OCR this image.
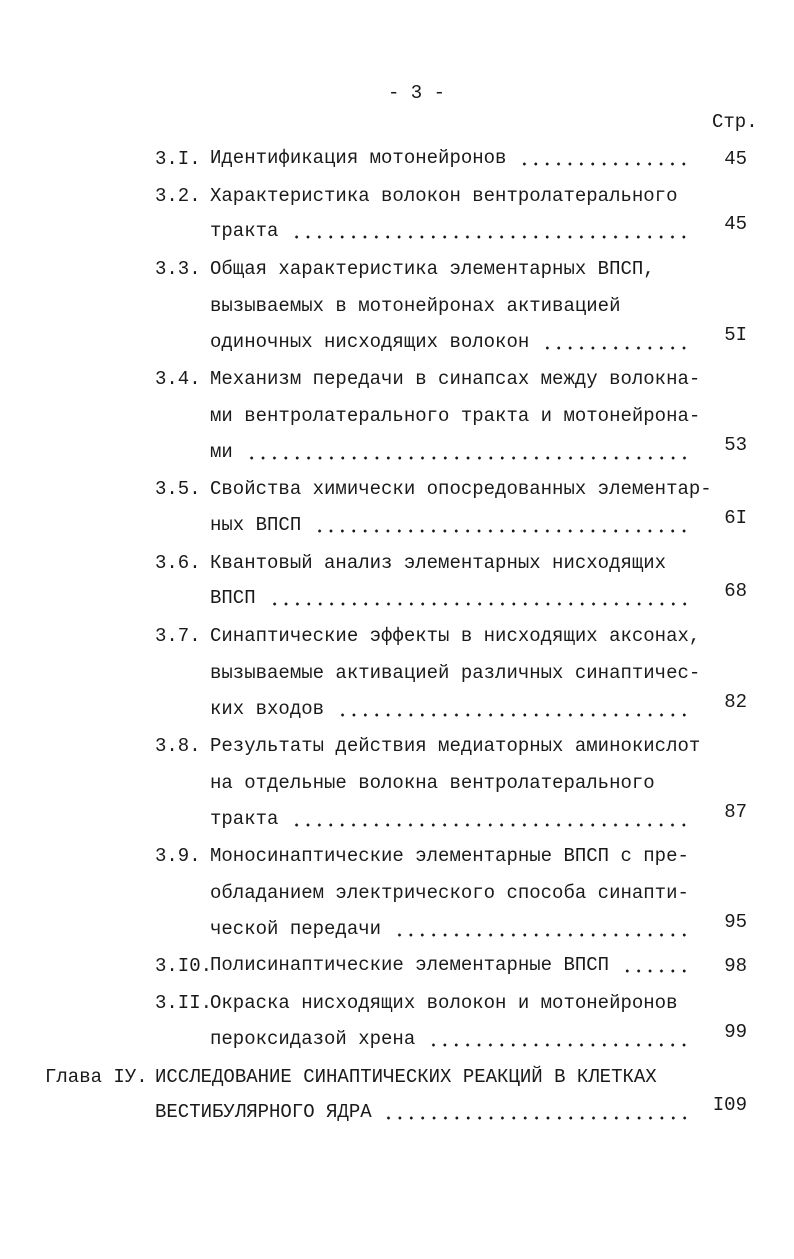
- 3 -
Стр.
3.I. Идентификация мотонейронов	45
3.2. Характеристика волокон вентролатерального
тракта	45
3.3. Общая характеристика элементарных ВПСП,
вызываемых в мотонейронах активацией
одиночных нисходящих волокон	5I
3.4. Механизм передачи в синапсах между волокна-
ми вентролатерального тракта и мотонейрона-
ми	53
3.5. Свойства химически опосредованных элементар-
ных ВПСП	6I
3.6. Квантовый анализ элементарных нисходящих
ВПСП	68
3.7. Синаптические эффекты в нисходящих аксонах,
вызываемые активацией различных синаптичес-
ких входов	82
3.8. Результаты действия медиаторных аминокислот
на отдельные волокна вентролатерального
тракта	87
3.9. Моносинаптические элементарные ВПСП с пре-
обладанием электрического способа синапти-
ческой передачи	95
3.I0.
Полисинаптические элементарные ВПСП	98
3.II.
Окраска нисходящих волокон и мотонейронов
пероксидазой хрена	99
Глава IУ. ИССЛЕДОВАНИЕ СИНАПТИЧЕСКИХ РЕАКЦИЙ В КЛЕТКАХ
ВЕСТИБУЛЯРНОГО ЯДРА	I09
